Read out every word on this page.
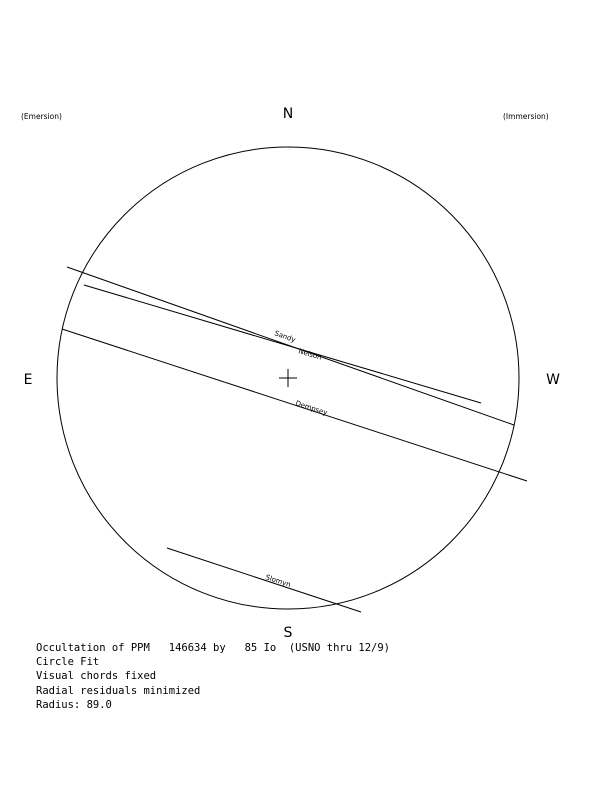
Sandy
Nelson
Dempsey
Slomyn
N
S
E	W
(Emersion)	(Immersion)
Occultation of PPM   146634 by   85 Io  (USNO thru 12/9)
Circle Fit
Visual chords fixed
Radial residuals minimized
Radius: 89.0
